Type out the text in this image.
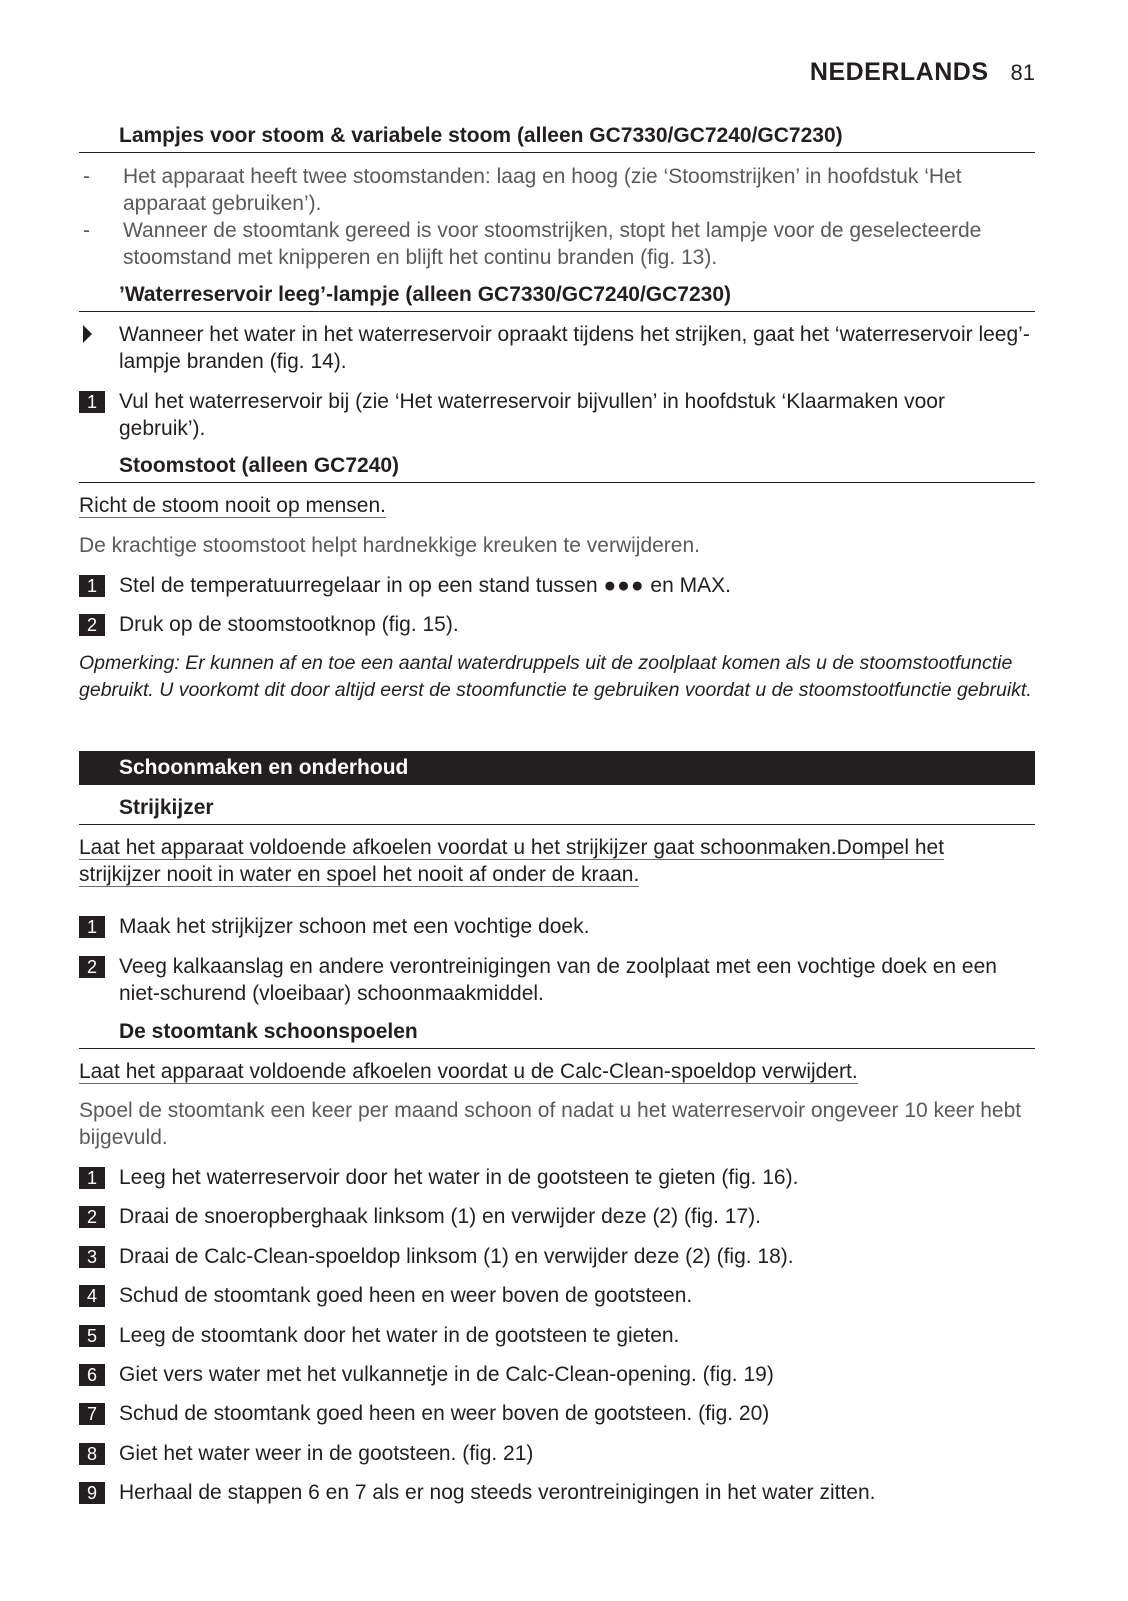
NEDERLANDS 81
Lampjes voor stoom & variabele stoom (alleen GC7330/GC7240/GC7230)
-	Het apparaat heeft twee stoomstanden: laag en hoog (zie ‘Stoomstrijken’ in hoofdstuk ‘Het apparaat gebruiken’).
-	Wanneer de stoomtank gereed is voor stoomstrijken, stopt het lampje voor de geselecteerde stoomstand met knipperen en blijft het continu branden (fig. 13).
’Waterreservoir leeg’-lampje (alleen GC7330/GC7240/GC7230)
Wanneer het water in het waterreservoir opraakt tijdens het strijken, gaat het ‘waterreservoir leeg’-lampje branden (fig. 14).
1	Vul het waterreservoir bij (zie ‘Het waterreservoir bijvullen’ in hoofdstuk ‘Klaarmaken voor gebruik’).
Stoomstoot (alleen GC7240)
Richt de stoom nooit op mensen.
De krachtige stoomstoot helpt hardnekkige kreuken te verwijderen.
1	Stel de temperatuurregelaar in op een stand tussen ●●● en MAX.
2	Druk op de stoomstootknop (fig. 15).
Opmerking: Er kunnen af en toe een aantal waterdruppels uit de zoolplaat komen als u de stoomstootfunctie gebruikt. U voorkomt dit door altijd eerst de stoomfunctie te gebruiken voordat u de stoomstootfunctie gebruikt.
Schoonmaken en onderhoud
Strijkijzer
Laat het apparaat voldoende afkoelen voordat u het strijkijzer gaat schoonmaken.Dompel het
strijkijzer nooit in water en spoel het nooit af onder de kraan.
1	Maak het strijkijzer schoon met een vochtige doek.
2	Veeg kalkaanslag en andere verontreinigingen van de zoolplaat met een vochtige doek en een niet-schurend (vloeibaar) schoonmaakmiddel.
De stoomtank schoonspoelen
Laat het apparaat voldoende afkoelen voordat u de Calc-Clean-spoeldop verwijdert.
Spoel de stoomtank een keer per maand schoon of nadat u het waterreservoir ongeveer 10 keer hebt bijgevuld.
1	Leeg het waterreservoir door het water in de gootsteen te gieten (fig. 16).
2	Draai de snoeropberghaak linksom (1) en verwijder deze (2) (fig. 17).
3	Draai de Calc-Clean-spoeldop linksom (1) en verwijder deze (2) (fig. 18).
4	Schud de stoomtank goed heen en weer boven de gootsteen.
5	Leeg de stoomtank door het water in de gootsteen te gieten.
6	Giet vers water met het vulkannetje in de Calc-Clean-opening. (fig. 19)
7	Schud de stoomtank goed heen en weer boven de gootsteen. (fig. 20)
8	Giet het water weer in de gootsteen. (fig. 21)
9	Herhaal de stappen 6 en 7 als er nog steeds verontreinigingen in het water zitten.
